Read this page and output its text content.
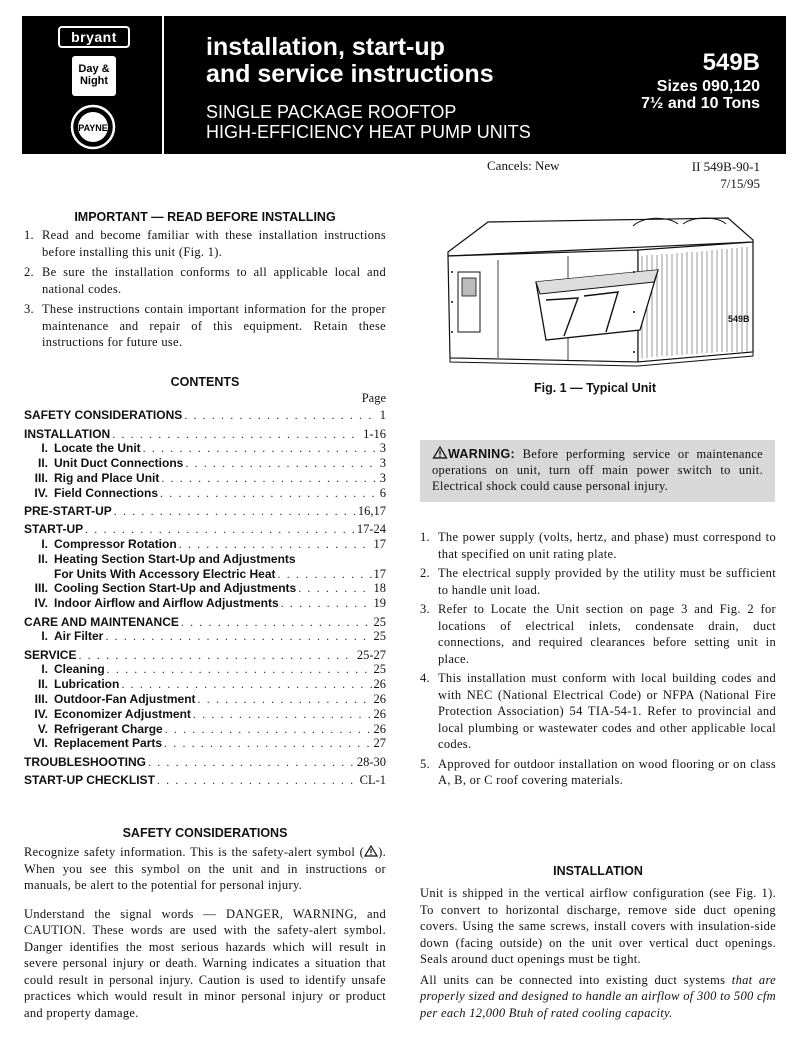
bryant
Day &
Night
PAYNE
installation, start-up
and service instructions
SINGLE PACKAGE ROOFTOP
HIGH-EFFICIENCY HEAT PUMP UNITS
549B
Sizes 090,120
7½ and 10 Tons
Cancels: New	II 549B-90-1
7/15/95
IMPORTANT — READ BEFORE INSTALLING
1. Read and become familiar with these installation instructions before installing this unit (Fig. 1).
2. Be sure the installation conforms to all applicable local and national codes.
3. These instructions contain important information for the proper maintenance and repair of this equipment. Retain these instructions for future use.
CONTENTS
Page
SAFETY CONSIDERATIONS . . .	1
INSTALLATION . . .	1-16
I. Locate the Unit . . .	3
II. Unit Duct Connections . . .	3
III. Rig and Place Unit . . .	3
IV. Field Connections . . .	6
PRE-START-UP . . .	16,17
START-UP . . .	17-24
I. Compressor Rotation . . .	17
II. Heating Section Start-Up and Adjustments
For Units With Accessory Electric Heat . . .	17
III. Cooling Section Start-Up and Adjustments . . .	18
IV. Indoor Airflow and Airflow Adjustments . . .	19
CARE AND MAINTENANCE . . .	25
I. Air Filter . . .	25
SERVICE . . .	25-27
I. Cleaning . . .	25
II. Lubrication . . .	26
III. Outdoor-Fan Adjustment . . .	26
IV. Economizer Adjustment . . .	26
V. Refrigerant Charge . . .	26
VI. Replacement Parts . . .	27
TROUBLESHOOTING . . .	28-30
START-UP CHECKLIST . . .	CL-1
SAFETY CONSIDERATIONS

Recognize safety information. This is the safety-alert symbol ( ). When you see this symbol on the unit and in instructions or manuals, be alert to the potential for personal injury.

Understand the signal words — DANGER, WARNING, and CAUTION. These words are used with the safety-alert symbol. Danger identifies the most serious hazards which will result in severe personal injury or death. Warning indicates a situation that could result in personal injury. Caution is used to identify unsafe practices which would result in minor personal injury or product and property damage.

549B
Fig. 1 — Typical Unit
WARNING: Before performing service or maintenance operations on unit, turn off main power switch to unit. Electrical shock could cause personal injury.
1. The power supply (volts, hertz, and phase) must correspond to that specified on unit rating plate.
2. The electrical supply provided by the utility must be sufficient to handle unit load.
3. Refer to Locate the Unit section on page 3 and Fig. 2 for locations of electrical inlets, condensate drain, duct connections, and required clearances before setting unit in place.
4. This installation must conform with local building codes and with NEC (National Electrical Code) or NFPA (National Fire Protection Association) 54 TIA-54-1. Refer to provincial and local plumbing or wastewater codes and other applicable local codes.
5. Approved for outdoor installation on wood flooring or on class A, B, or C roof covering materials.
INSTALLATION

Unit is shipped in the vertical airflow configuration (see Fig. 1). To convert to horizontal discharge, remove side duct opening covers. Using the same screws, install covers with insulation-side down (facing outside) on the unit over vertical duct openings. Seals around duct openings must be tight.

All units can be connected into existing duct systems that are properly sized and designed to handle an airflow of 300 to 500 cfm per each 12,000 Btuh of rated cooling capacity.
